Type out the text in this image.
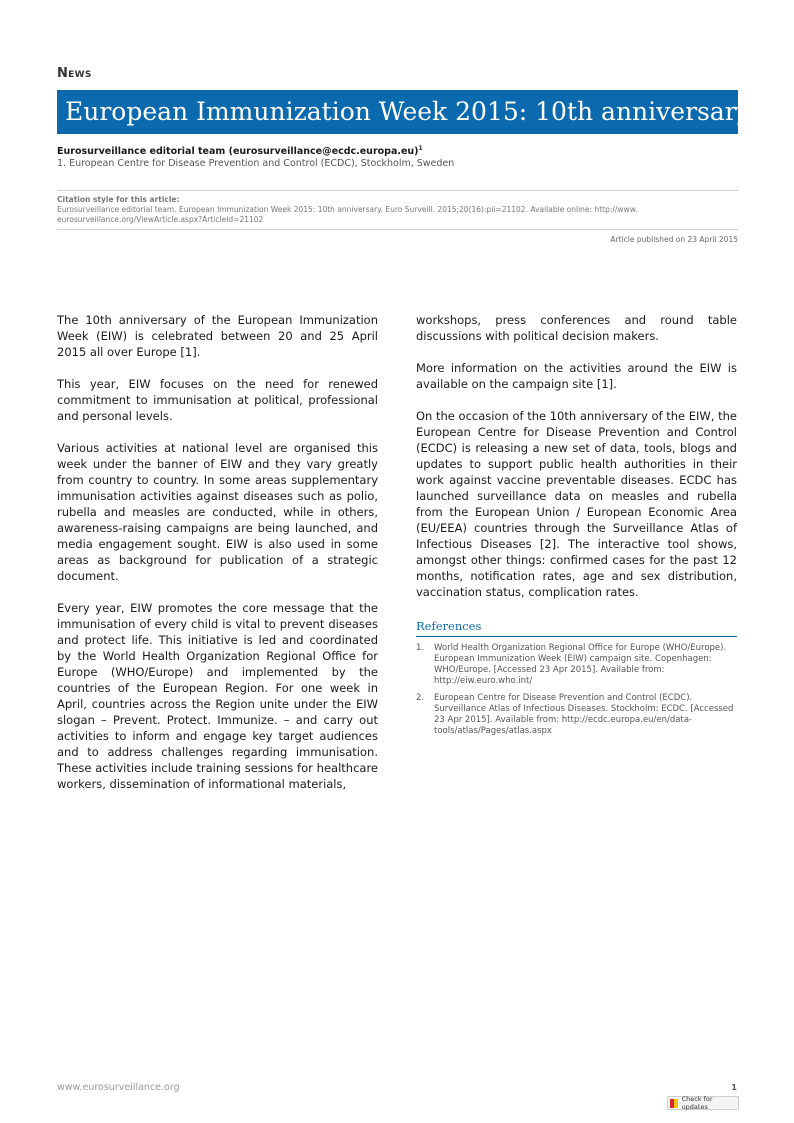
News
European Immunization Week 2015: 10th anniversary
Eurosurveillance editorial team (eurosurveillance@ecdc.europa.eu)$^1$
1. European Centre for Disease Prevention and Control (ECDC), Stockholm, Sweden
Citation style for this article:
Eurosurveillance editorial team. European Immunization Week 2015: 10th anniversary. Euro Surveill. 2015;20(16):pii=21102. Available online: http://www.
eurosurveillance.org/ViewArticle.aspx?ArticleId=21102
Article published on 23 April 2015

The 10th anniversary of the European Immunization Week (EIW) is celebrated between 20 and 25 April 2015 all over Europe [1].

This year, EIW focuses on the need for renewed commitment to immunisation at political, professional and personal levels.

Various activities at national level are organised this week under the banner of EIW and they vary greatly from country to country. In some areas supplementary immunisation activities against diseases such as polio, rubella and measles are conducted, while in others, awareness-raising campaigns are being launched, and media engagement sought. EIW is also used in some areas as background for publication of a strategic document.

Every year, EIW promotes the core message that the immunisation of every child is vital to prevent diseases and protect life. This initiative is led and coordinated by the World Health Organization Regional Office for Europe (WHO/Europe) and implemented by the countries of the European Region. For one week in April, countries across the Region unite under the EIW slogan – Prevent. Protect. Immunize. – and carry out activities to inform and engage key target audiences and to address challenges regarding immunisation. These activities include training sessions for healthcare workers, dissemination of informational materials,

workshops, press conferences and round table discussions with political decision makers.

More information on the activities around the EIW is available on the campaign site [1].

On the occasion of the 10th anniversary of the EIW, the European Centre for Disease Prevention and Control (ECDC) is releasing a new set of data, tools, blogs and updates to support public health authorities in their work against vaccine preventable diseases. ECDC has launched surveillance data on measles and rubella from the European Union / European Economic Area (EU/EEA) countries through the Surveillance Atlas of Infectious Diseases [2]. The interactive tool shows, amongst other things: confirmed cases for the past 12 months, notification rates, age and sex distribution, vaccination status, complication rates.

References
1.	World Health Organization Regional Office for Europe (WHO/Europe). European Immunization Week (EIW) campaign site. Copenhagen: WHO/Europe. [Accessed 23 Apr 2015]. Available from: http://eiw.euro.who.int/
2.	European Centre for Disease Prevention and Control (ECDC). Surveillance Atlas of Infectious Diseases. Stockholm: ECDC. [Accessed 23 Apr 2015]. Available from: http://ecdc.europa.eu/en/data-tools/atlas/Pages/atlas.aspx
www.eurosurveillance.org	1
Check for updates
